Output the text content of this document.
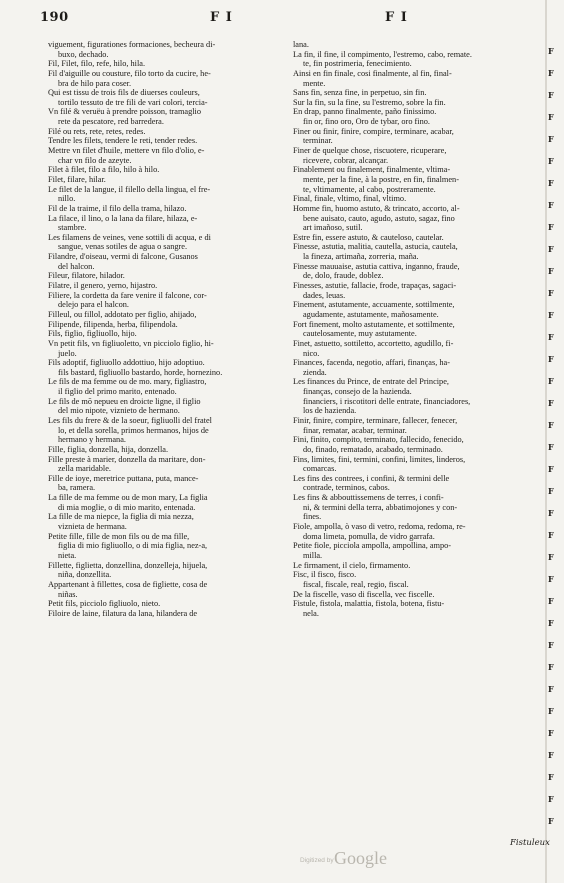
190	F I	F I
viguement, figurationes formaciones, becheura di-
buxo, dechado.
Fil, Filet, filo, refe, hilo, hila.
Fil d'aiguille ou cousture, filo torto da cucire, he-
bra de hilo para coser.
Qui est tissu de trois fils de diuerses couleurs,
tortilo tessuto de tre fili de vari colori, tercia-
Vn filé & veruëu à prendre poisson, tramaglio
rete da pescatore, red barredera.
Filé ou rets, rete, retes, redes.
Tendre les filets, tendere le reti, tender redes.
Mettre vn filet d'huile, mettere vn filo d'olio, e-
char vn filo de azeyte.
Filet à filet, filo a filo, hilo à hilo.
Filet, filare, hilar.
Le filet de la langue, il filello della lingua, el fre-
nillo.
Fil de la traime, il filo della trama, hilazo.
La filace, il lino, o la lana da filare, hilaza, e-
stambre.
Les filamens de veines, vene sottili di acqua, e di
sangue, venas sotiles de agua o sangre.
Filandre, d'oiseau, vermi di falcone, Gusanos
del halcon.
Fileur, filatore, hilador.
Filatre, il genero, yerno, hijastro.
Filiere, la cordetta da fare venire il falcone, cor-
delejo para el halcon.
Filleul, ou fillol, addotato per figlio, ahijado,
Filipende, filipenda, herba, filipendola.
Fils, figlio, figliuollo, hijo.
Vn petit fils, vn figliuoletto, vn picciolo figlio, hi-
juelo.
Fils adoptif, figliuollo addottiuo, hijo adoptiuo.
fils bastard, figliuollo bastardo, horde, hornezino.
Le fils de ma femme ou de mo. mary, figliastro,
il figlio del primo marito, entenado.
Le fils de mō nepueu en droicte ligne, il figlio
del mio nipote, viznieto de hermano.
Les fils du frere & de la soeur, figliuolli del fratel
lo, et della sorella, primos hermanos, hijos de
hermano y hermana.
Fille, figlia, donzella, hija, donzella.
Fille preste à marier, donzella da maritare, don-
zella maridable.
Fille de ioye, meretrice puttana, puta, mance-
ba, ramera.
La fille de ma femme ou de mon mary, La figlia
di mia moglie, o di mio marito, entenada.
La fille de ma niepce, la figlia di mia nezza,
viznieta de hermana.
Petite fille, fille de mon fils ou de ma fille,
figlia di mio figliuollo, o di mia figlia, nez-a,
nieta.
Fillette, figlietta, donzellina, donzelleja, hijuela,
niña, donzellita.
Appartenant à fillettes, cosa de figliette, cosa de
niñas.
Petit fils, picciolo figliuolo, nieto.
Filoire de laine, filatura da lana, hilandera de
lana.
La fin, il fine, il compimento, l'estremo, cabo, remate.
te, fin postrimeria, fenecimiento.
Ainsi en fin finale, cosi finalmente, al fin, final-
mente.
Sans fin, senza fine, in perpetuo, sin fin.
Sur la fin, su la fine, su l'estremo, sobre la fin.
En drap, panno finalmente, paño finissimo.
fin or, fino oro, Oro de tybar, oro fino.
Finer ou finir, finire, compire, terminare, acabar,
terminar.
Finer de quelque chose, riscuotere, ricuperare,
ricevere, cobrar, alcançar.
Finablement ou finalement, finalmente, vltima-
mente, per la fine, à la postre, en fin, finalmen-
te, vltimamente, al cabo, postreramente.
Final, finale, vltimo, final, vltimo.
Homme fin, huomo astuto, & trincato, accorto, al-
bene auisato, cauto, agudo, astuto, sagaz, fino
art imañoso, sutil.
Estre fin, essere astuto, & cauteloso, cautelar.
Finesse, astutia, malitia, cautella, astucia, cautela,
la fineza, artimaña, zorreria, maña.
Finesse mauuaise, astutia cattiva, inganno, fraude,
de, dolo, fraude, doblez.
Finesses, astutie, fallacie, frode, trapaças, sagaci-
dades, leuas.
Finement, astutamente, accuamente, sottilmente,
agudamente, astutamente, mañosamente.
Fort finement, molto astutamente, et sottilmente,
cautelosamente, muy astutamente.
Finet, astuetto, sottiletto, accortetto, agudillo, fi-
nico.
Finances, facenda, negotio, affari, finanças, ha-
zienda.
Les finances du Prince, de entrate del Principe,
finanças, consejo de la hazienda.
financiers, i riscotitori delle entrate, financiadores,
los de hazienda.
Finir, finire, compire, terminare, fallecer, fenecer,
finar, rematar, acabar, terminar.
Fini, finito, compito, terminato, fallecido, fenecido,
do, finado, rematado, acabado, terminado.
Fins, limites, fini, termini, confini, limites, linderos,
comarcas.
Les fins des contrees, i confini, & termini delle
contrade, terminos, cabos.
Les fins & abbouttissemens de terres, i confi-
ni, & termini della terra, abbatimojones y con-
fines.
Fiole, ampolla, ò vaso di vetro, redoma, redoma, re-
doma limeta, pomulla, de vidro garrafa.
Petite fiole, picciola ampolla, ampollina, ampo-
milla.
Le firmament, il cielo, firmamento.
Fisc, il fisco, fisco.
fiscal, fiscale, real, regio, fiscal.
De la fiscelle, vaso di fiscella, vec fiscelle.
Fistule, fistola, malattia, fistola, botena, fistu-
nela.
F
F
F
F
F
F
F
F
F
F
F
F
F
F
F
F
F
F
F
F
F
F
F
F
F
F
F
F
F
F
F
F
F
F
F
F
Fistuleux
Digitized by Google
